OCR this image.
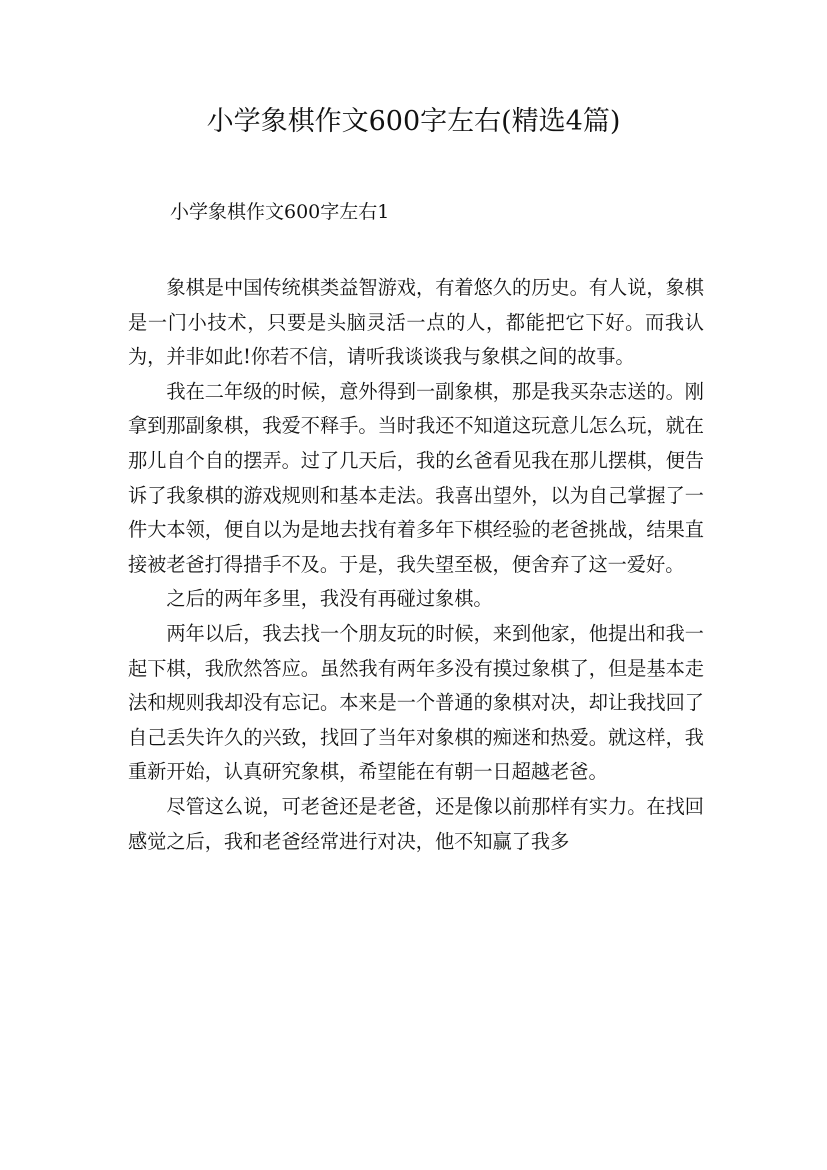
小学象棋作文600字左右(精选4篇)
小学象棋作文600字左右1

象棋是中国传统棋类益智游戏，有着悠久的历史。有人说，象棋是一门小技术，只要是头脑灵活一点的人，都能把它下好。而我认为，并非如此!你若不信，请听我谈谈我与象棋之间的故事。

我在二年级的时候，意外得到一副象棋，那是我买杂志送的。刚拿到那副象棋，我爱不释手。当时我还不知道这玩意儿怎么玩，就在那儿自个自的摆弄。过了几天后，我的幺爸看见我在那儿摆棋，便告诉了我象棋的游戏规则和基本走法。我喜出望外，以为自己掌握了一件大本领，便自以为是地去找有着多年下棋经验的老爸挑战，结果直接被老爸打得措手不及。于是，我失望至极，便舍弃了这一爱好。

之后的两年多里，我没有再碰过象棋。

两年以后，我去找一个朋友玩的时候，来到他家，他提出和我一起下棋，我欣然答应。虽然我有两年多没有摸过象棋了，但是基本走法和规则我却没有忘记。本来是一个普通的象棋对决，却让我找回了自己丢失许久的兴致，找回了当年对象棋的痴迷和热爱。就这样，我重新开始，认真研究象棋，希望能在有朝一日超越老爸。

尽管这么说，可老爸还是老爸，还是像以前那样有实力。在找回感觉之后，我和老爸经常进行对决，他不知赢了我多
